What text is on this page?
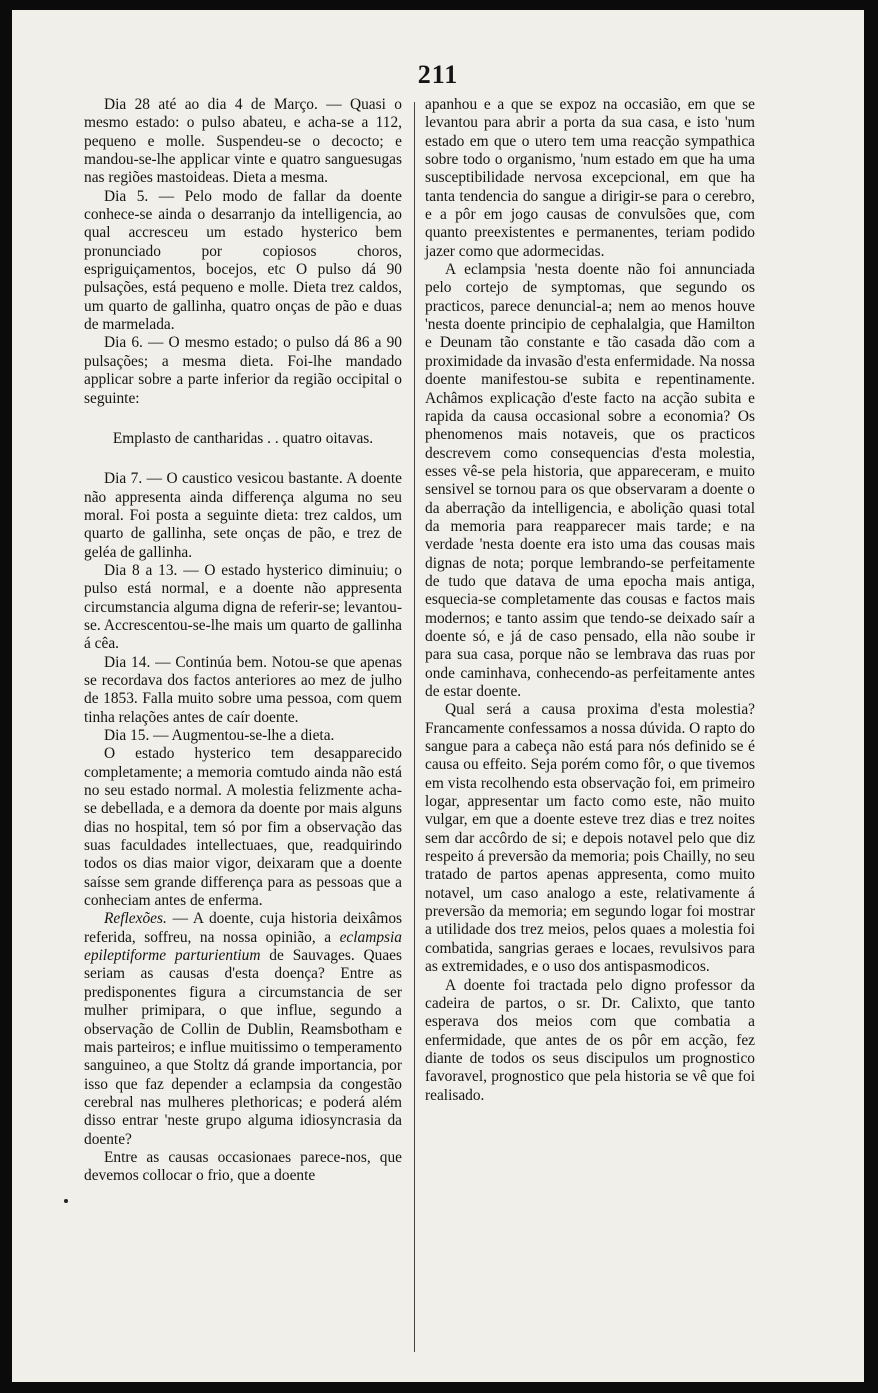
211

Dia 28 até ao dia 4 de Março. — Quasi o mesmo estado: o pulso abateu, e acha-se a 112, pequeno e molle. Suspendeu-se o decocto; e mandou-se-lhe applicar vinte e quatro sanguesugas nas regiões mastoideas. Dieta a mesma.

Dia 5. — Pelo modo de fallar da doente conhece-se ainda o desarranjo da intelligencia, ao qual accresceu um estado hysterico bem pronunciado por copiosos choros, espriguiçamentos, bocejos, etc O pulso dá 90 pulsações, está pequeno e molle. Dieta trez caldos, um quarto de gallinha, quatro onças de pão e duas de marmelada.

Dia 6. — O mesmo estado; o pulso dá 86 a 90 pulsações; a mesma dieta. Foi-lhe mandado applicar sobre a parte inferior da região occipital o seguinte:

Emplasto de cantharidas . . quatro oitavas.

Dia 7. — O caustico vesicou bastante. A doente não appresenta ainda differença alguma no seu moral. Foi posta a seguinte dieta: trez caldos, um quarto de gallinha, sete onças de pão, e trez de geléa de gallinha.

Dia 8 a 13. — O estado hysterico diminuiu; o pulso está normal, e a doente não appresenta circumstancia alguma digna de referir-se; levantou-se. Accrescentou-se-lhe mais um quarto de gallinha á cêa.

Dia 14. — Continúa bem. Notou-se que apenas se recordava dos factos anteriores ao mez de julho de 1853. Falla muito sobre uma pessoa, com quem tinha relações antes de caír doente.

Dia 15. — Augmentou-se-lhe a dieta.

O estado hysterico tem desapparecido completamente; a memoria comtudo ainda não está no seu estado normal. A molestia felizmente acha-se debellada, e a demora da doente por mais alguns dias no hospital, tem só por fim a observação das suas faculdades intellectuaes, que, readquirindo todos os dias maior vigor, deixaram que a doente saísse sem grande differença para as pessoas que a conheciam antes de enferma.

Reflexões. — A doente, cuja historia deixâmos referida, soffreu, na nossa opinião, a eclampsia epileptiforme parturientium de Sauvages. Quaes seriam as causas d'esta doença? Entre as predisponentes figura a circumstancia de ser mulher primipara, o que influe, segundo a observação de Collin de Dublin, Reamsbotham e mais parteiros; e influe muitissimo o temperamento sanguineo, a que Stoltz dá grande importancia, por isso que faz depender a eclampsia da congestão cerebral nas mulheres plethoricas; e poderá além disso entrar 'neste grupo alguma idiosyncrasia da doente?

Entre as causas occasionaes parece-nos, que devemos collocar o frio, que a doente

apanhou e a que se expoz na occasião, em que se levantou para abrir a porta da sua casa, e isto 'num estado em que o utero tem uma reacção sympathica sobre todo o organismo, 'num estado em que ha uma susceptibilidade nervosa excepcional, em que ha tanta tendencia do sangue a dirigir-se para o cerebro, e a pôr em jogo causas de convulsões que, com quanto preexistentes e permanentes, teriam podido jazer como que adormecidas.

A eclampsia 'nesta doente não foi annunciada pelo cortejo de symptomas, que segundo os practicos, parece denuncial-a; nem ao menos houve 'nesta doente principio de cephalalgia, que Hamilton e Deunam tão constante e tão casada dão com a proximidade da invasão d'esta enfermidade. Na nossa doente manifestou-se subita e repentinamente. Achâmos explicação d'este facto na acção subita e rapida da causa occasional sobre a economia? Os phenomenos mais notaveis, que os practicos descrevem como consequencias d'esta molestia, esses vê-se pela historia, que appareceram, e muito sensivel se tornou para os que observaram a doente o da aberração da intelligencia, e abolição quasi total da memoria para reapparecer mais tarde; e na verdade 'nesta doente era isto uma das cousas mais dignas de nota; porque lembrando-se perfeitamente de tudo que datava de uma epocha mais antiga, esquecia-se completamente das cousas e factos mais modernos; e tanto assim que tendo-se deixado saír a doente só, e já de caso pensado, ella não soube ir para sua casa, porque não se lembrava das ruas por onde caminhava, conhecendo-as perfeitamente antes de estar doente.

Qual será a causa proxima d'esta molestia? Francamente confessamos a nossa dúvida. O rapto do sangue para a cabeça não está para nós definido se é causa ou effeito. Seja porém como fôr, o que tivemos em vista recolhendo esta observação foi, em primeiro logar, appresentar um facto como este, não muito vulgar, em que a doente esteve trez dias e trez noites sem dar accôrdo de si; e depois notavel pelo que diz respeito á preversão da memoria; pois Chailly, no seu tratado de partos apenas appresenta, como muito notavel, um caso analogo a este, relativamente á preversão da memoria; em segundo logar foi mostrar a utilidade dos trez meios, pelos quaes a molestia foi combatida, sangrias geraes e locaes, revulsivos para as extremidades, e o uso dos antispasmodicos.

A doente foi tractada pelo digno professor da cadeira de partos, o sr. Dr. Calixto, que tanto esperava dos meios com que combatia a enfermidade, que antes de os pôr em acção, fez diante de todos os seus discipulos um prognostico favoravel, prognostico que pela historia se vê que foi realisado.
